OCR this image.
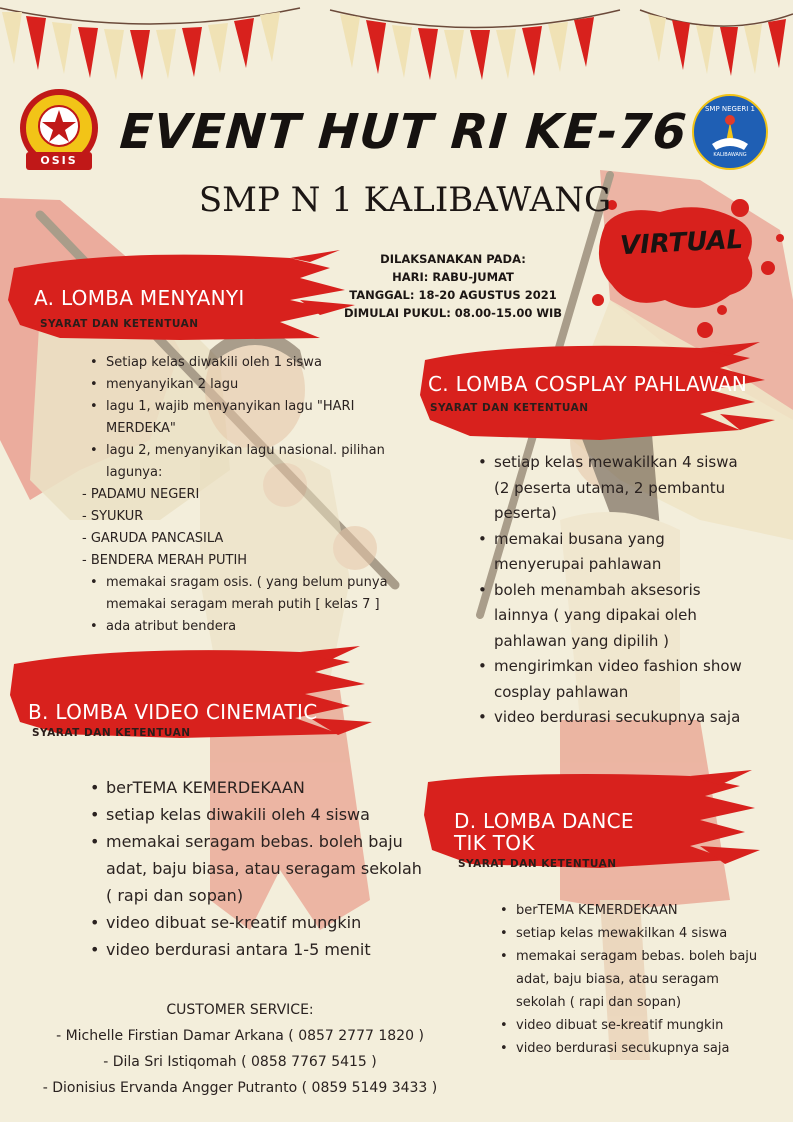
OSIS
SMP NEGERI 1
KALIBAWANG
EVENT HUT RI KE-76
SMP N 1 KALIBAWANG
DILAKSANAKAN PADA:
HARI: RABU-JUMAT
TANGGAL: 18-20 AGUSTUS 2021
DIMULAI PUKUL: 08.00-15.00 WIB
VIRTUAL
A. LOMBA MENYANYI
SYARAT DAN KETENTUAN
• Setiap kelas diwakili oleh 1 siswa
• menyanyikan 2 lagu
• lagu 1, wajib menyanyikan lagu "HARI MERDEKA"
• lagu 2, menyanyikan lagu nasional. pilihan lagunya:
- PADAMU NEGERI
- SYUKUR
- GARUDA PANCASILA
- BENDERA MERAH PUTIH
• memakai sragam osis. ( yang belum punya memakai seragam merah putih [ kelas 7 ]
• ada atribut bendera
C. LOMBA COSPLAY PAHLAWAN
SYARAT DAN KETENTUAN
• setiap kelas mewakilkan 4 siswa (2 peserta utama, 2 pembantu peserta)
• memakai busana yang menyerupai pahlawan
• boleh menambah aksesoris lainnya ( yang dipakai oleh pahlawan yang dipilih )
• mengirimkan video fashion show cosplay pahlawan
• video berdurasi secukupnya saja
B. LOMBA VIDEO CINEMATIC
SYARAT DAN KETENTUAN
• berTEMA KEMERDEKAAN
• setiap kelas diwakili oleh 4 siswa
• memakai seragam bebas. boleh baju adat, baju biasa, atau seragam sekolah ( rapi dan sopan)
• video dibuat se-kreatif mungkin
• video berdurasi antara 1-5 menit
D. LOMBA DANCE
TIK TOK
SYARAT DAN KETENTUAN
• berTEMA KEMERDEKAAN
• setiap kelas mewakilkan 4 siswa
• memakai seragam bebas. boleh baju adat, baju biasa, atau seragam sekolah ( rapi dan sopan)
• video dibuat se-kreatif mungkin
• video berdurasi secukupnya saja
CUSTOMER SERVICE:
- Michelle Firstian Damar Arkana ( 0857 2777 1820 )
- Dila Sri Istiqomah ( 0858 7767 5415 )
- Dionisius Ervanda Angger Putranto ( 0859 5149 3433 )
